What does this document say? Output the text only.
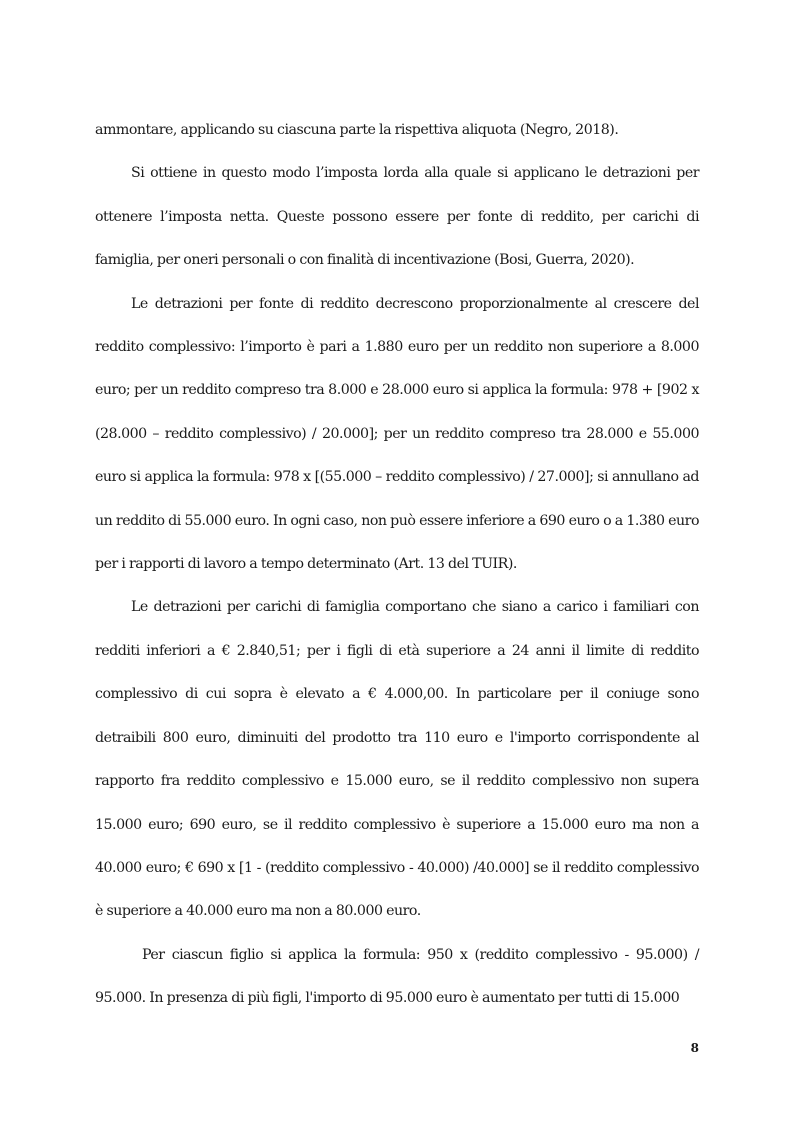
ammontare, applicando su ciascuna parte la rispettiva aliquota (Negro, 2018).

Si ottiene in questo modo l’imposta lorda alla quale si applicano le detrazioni per ottenere l’imposta netta. Queste possono essere per fonte di reddito, per carichi di famiglia, per oneri personali o con finalità di incentivazione (Bosi, Guerra, 2020).

Le detrazioni per fonte di reddito decrescono proporzionalmente al crescere del reddito complessivo: l’importo è pari a 1.880 euro per un reddito non superiore a 8.000 euro; per un reddito compreso tra 8.000 e 28.000 euro si applica la formula: 978 + [902 x (28.000 – reddito complessivo) / 20.000]; per un reddito compreso tra 28.000 e 55.000 euro si applica la formula: 978 x [(55.000 – reddito complessivo) / 27.000]; si annullano ad un reddito di 55.000 euro. In ogni caso, non può essere inferiore a 690 euro o a 1.380 euro per i rapporti di lavoro a tempo determinato (Art. 13 del TUIR).

Le detrazioni per carichi di famiglia comportano che siano a carico i familiari con redditi inferiori a € 2.840,51; per i figli di età superiore a 24 anni il limite di reddito complessivo di cui sopra è elevato a € 4.000,00. In particolare per il coniuge sono detraibili 800 euro, diminuiti del prodotto tra 110 euro e l'importo corrispondente al rapporto fra reddito complessivo e 15.000 euro, se il reddito complessivo non supera 15.000 euro; 690 euro, se il reddito complessivo è superiore a 15.000 euro ma non a 40.000 euro; € 690 x [1 - (reddito complessivo - 40.000) /40.000] se il reddito complessivo è superiore a 40.000 euro ma non a 80.000 euro.

Per ciascun figlio si applica la formula: 950 x (reddito complessivo - 95.000) / 95.000. In presenza di più figli, l'importo di 95.000 euro è aumentato per tutti di 15.000

8
